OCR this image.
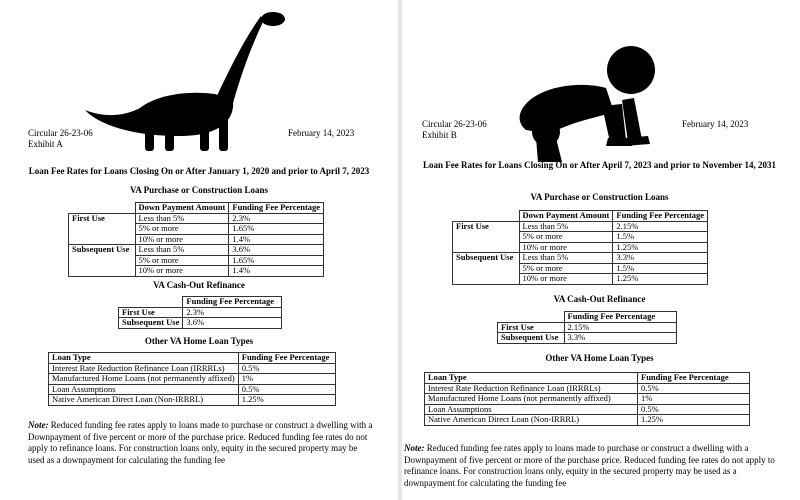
Circular 26-23-06
Exhibit A
February 14, 2023
Loan Fee Rates for Loans Closing On or After January 1, 2020 and prior to April 7, 2023
VA Purchase or Construction Loans
	Down Payment Amount	Funding Fee Percentage
First Use	Less than 5%	2.3%
	5% or more	1.65%
	10% or more	1.4%
Subsequent Use	Less than 5%	3.6%
	5% or more	1.65%
	10% or more	1.4%
VA Cash-Out Refinance
	Funding Fee Percentage
First Use	2.3%
Subsequent Use	3.6%
Other VA Home Loan Types
Loan Type	Funding Fee Percentage
Interest Rate Reduction Refinance Loan (IRRRLs)	0.5%
Manufactured Home Loans (not permanently affixed)	1%
Loan Assumptions	0.5%
Native American Direct Loan (Non-IRRRL)	1.25%
Note: Reduced funding fee rates apply to loans made to purchase or construct a dwelling with a Downpayment of five percent or more of the purchase price. Reduced funding fee rates do not apply to refinance loans. For construction loans only, equity in the secured property may be used as a downpayment for calculating the funding fee
Circular 26-23-06
Exhibit B
February 14, 2023
Loan Fee Rates for Loans Closing On or After April 7, 2023 and prior to November 14, 2031
VA Purchase or Construction Loans
	Down Payment Amount	Funding Fee Percentage
First Use	Less than 5%	2.15%
	5% or more	1.5%
	10% or more	1.25%
Subsequent Use	Less than 5%	3.3%
	5% or more	1.5%
	10% or more	1.25%
VA Cash-Out Refinance
	Funding Fee Percentage
First Use	2.15%
Subsequent Use	3.3%
Other VA Home Loan Types
Loan Type	Funding Fee Percentage
Interest Rate Reduction Refinance Loan (IRRRLs)	0.5%
Manufactured Home Loans (not permanently affixed)	1%
Loan Assumptions	0.5%
Native American Direct Loan (Non-IRRRL)	1.25%
Note: Reduced funding fee rates apply to loans made to purchase or construct a dwelling with a Downpayment of five percent or more of the purchase price. Reduced funding fee rates do not apply to refinance loans. For construction loans only, equity in the secured property may be used as a downpayment for calculating the funding fee
